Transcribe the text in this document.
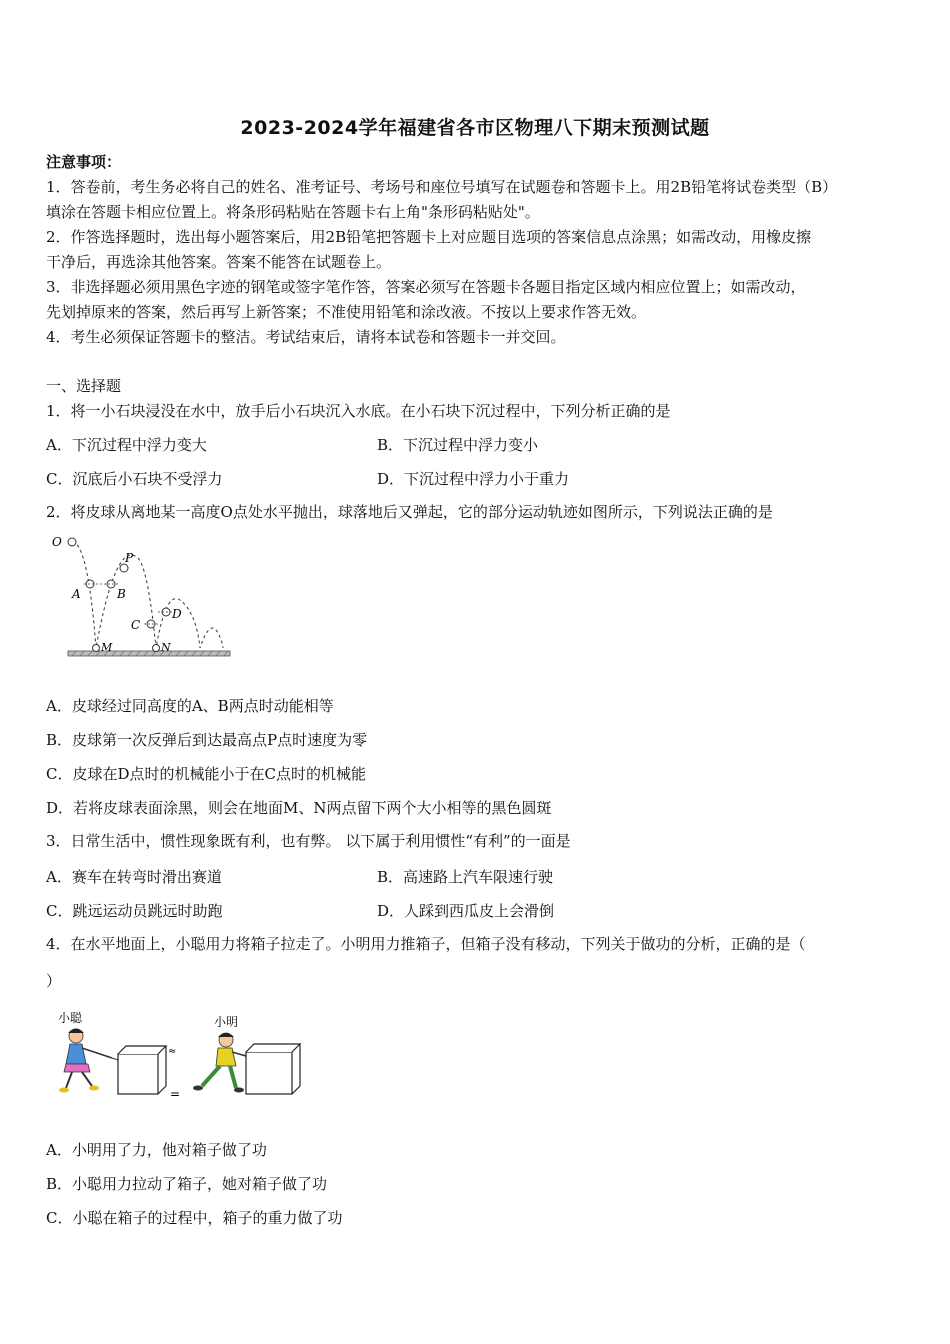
2023-2024学年福建省各市区物理八下期末预测试题
注意事项：
1．答卷前，考生务必将自己的姓名、准考证号、考场号和座位号填写在试题卷和答题卡上。用2B铅笔将试卷类型（B）
填涂在答题卡相应位置上。将条形码粘贴在答题卡右上角"条形码粘贴处"。
2．作答选择题时，选出每小题答案后，用2B铅笔把答题卡上对应题目选项的答案信息点涂黑；如需改动，用橡皮擦
干净后，再选涂其他答案。答案不能答在试题卷上。
3．非选择题必须用黑色字迹的钢笔或签字笔作答，答案必须写在答题卡各题目指定区域内相应位置上；如需改动，
先划掉原来的答案，然后再写上新答案；不准使用铅笔和涂改液。不按以上要求作答无效。
4．考生必须保证答题卡的整洁。考试结束后，请将本试卷和答题卡一并交回。
一、选择题
1．将一小石块浸没在水中，放手后小石块沉入水底。在小石块下沉过程中，下列分析正确的是
A．下沉过程中浮力变大	B．下沉过程中浮力变小
C．沉底后小石块不受浮力	D．下沉过程中浮力小于重力
2．将皮球从离地某一高度O点处水平抛出，球落地后又弹起，它的部分运动轨迹如图所示，下列说法正确的是
O
A	B
P
C
D
M	N
A．皮球经过同高度的A、B两点时动能相等
B．皮球第一次反弹后到达最高点P点时速度为零
C．皮球在D点时的机械能小于在C点时的机械能
D．若将皮球表面涂黑，则会在地面M、N两点留下两个大小相等的黑色圆斑
3．日常生活中，惯性现象既有利，也有弊。 以下属于利用惯性“有利”的一面是
A．赛车在转弯时滑出赛道	B．高速路上汽车限速行驶
C．跳远运动员跳远时助跑	D．人踩到西瓜皮上会滑倒
4．在水平地面上，小聪用力将箱子拉走了。小明用力推箱子，但箱子没有移动，下列关于做功的分析，正确的是（
）
小聪
≈
=
小明
A．小明用了力，他对箱子做了功
B．小聪用力拉动了箱子，她对箱子做了功
C．小聪在箱子的过程中，箱子的重力做了功
